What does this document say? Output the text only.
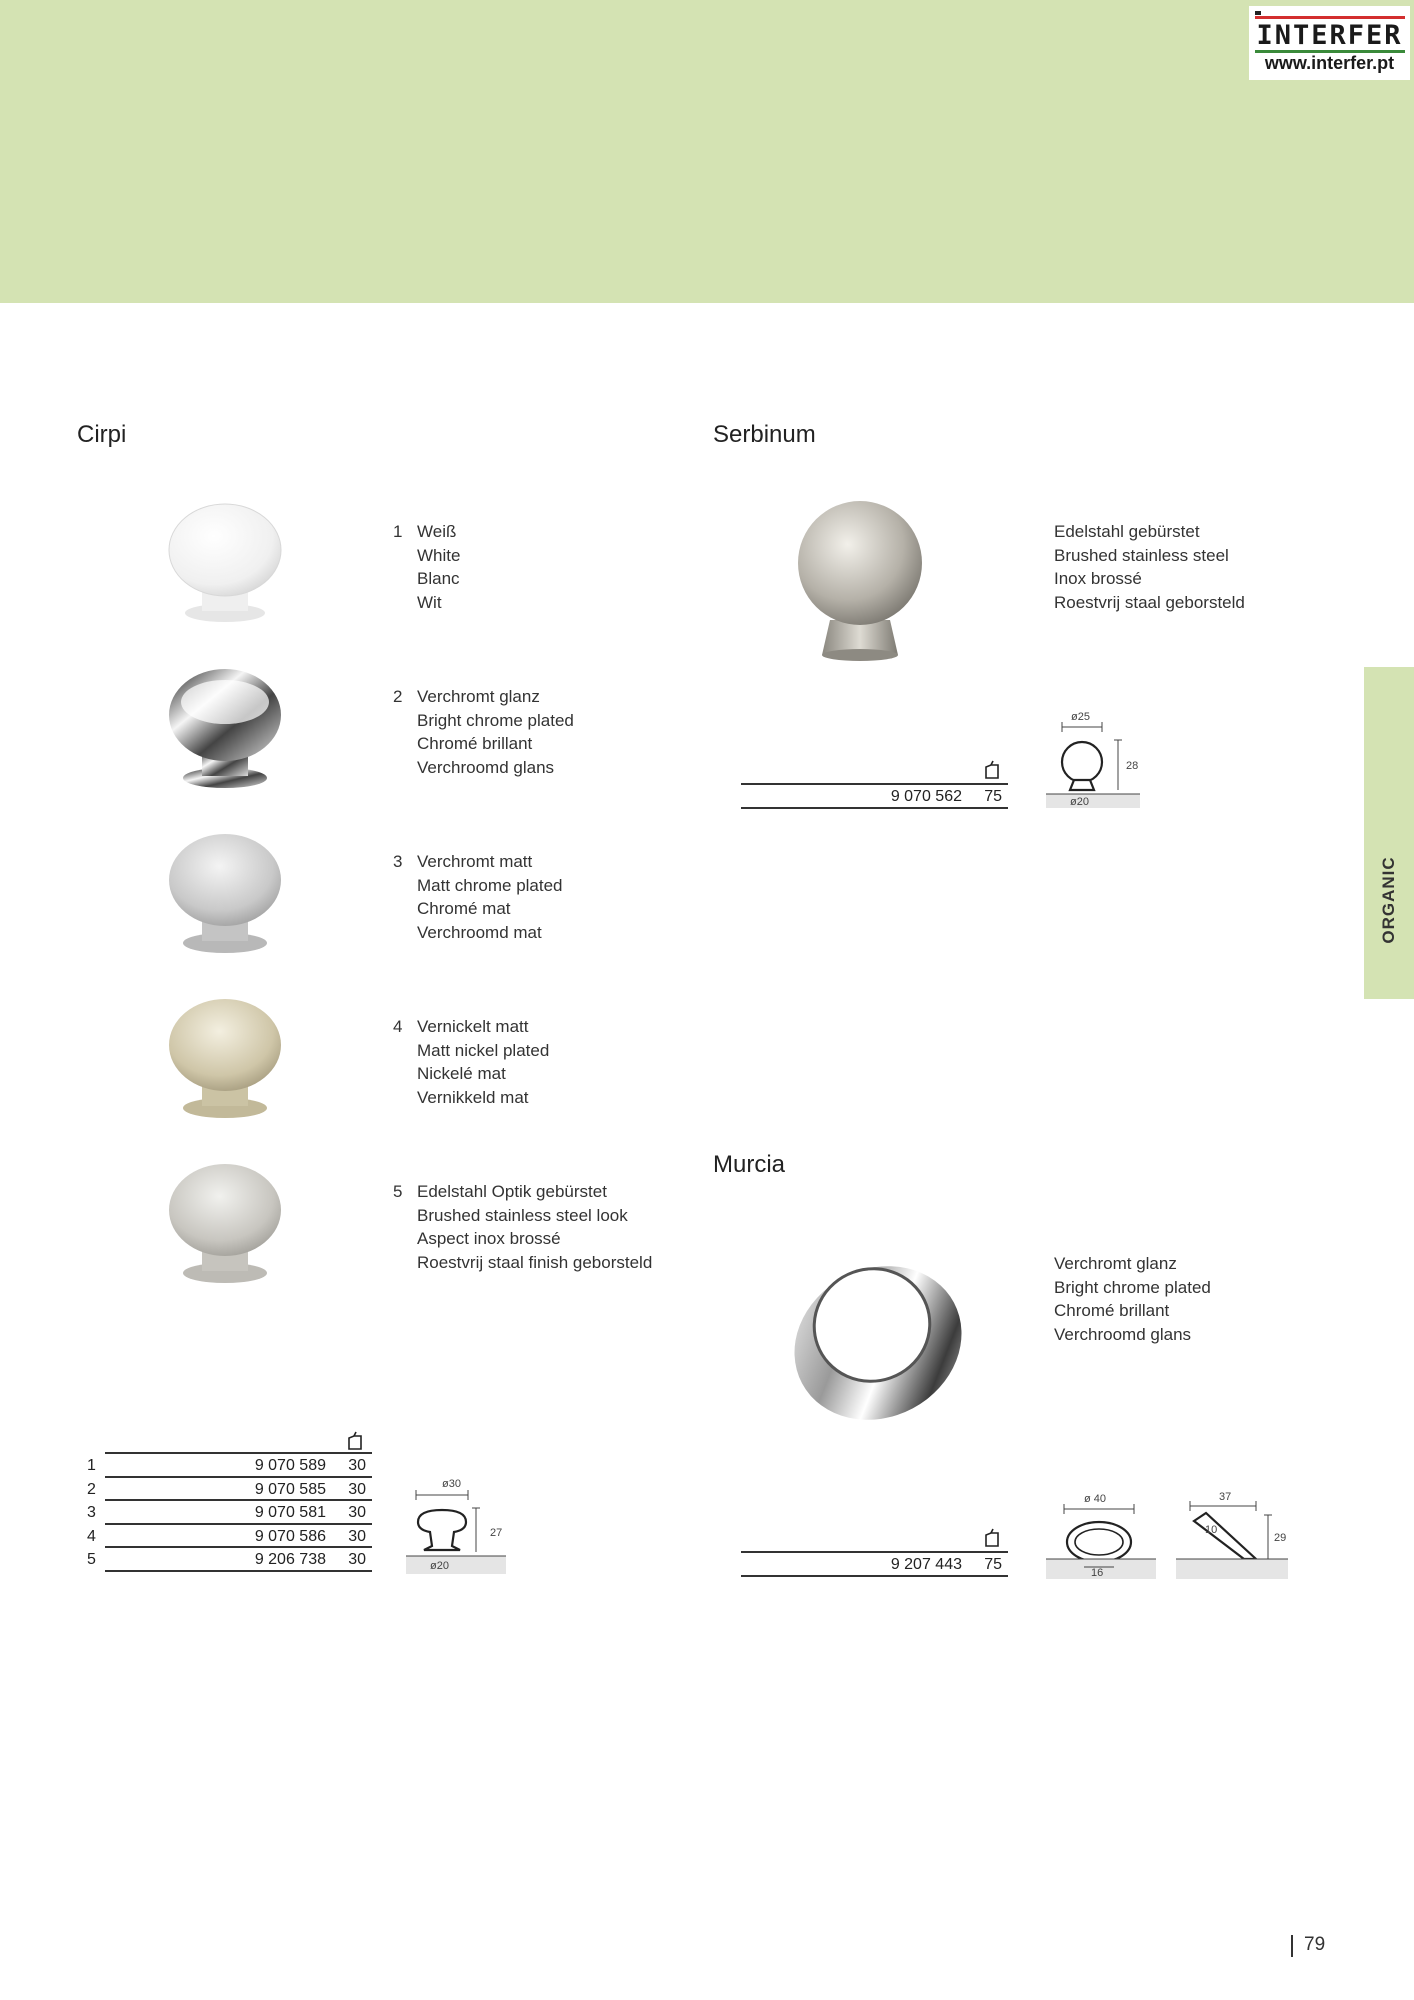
INTERFER
www.interfer.pt
ORGANIC
Cirpi
1 Weiß
White
Blanc
Wit
2 Verchromt glanz
Bright chrome plated
Chromé brillant
Verchroomd glans
3 Verchromt matt
Matt chrome plated
Chromé mat
Verchroomd mat
4 Vernickelt matt
Matt nickel plated
Nickelé mat
Vernikkeld mat
5 Edelstahl Optik gebürstet
Brushed stainless steel look
Aspect inox brossé
Roestvrij staal finish geborsteld
1	9 070 589 30
2	9 070 585 30
3	9 070 581 30
4	9 070 586 30
5	9 206 738 30
ø30
27
ø20
Serbinum
Edelstahl gebürstet
Brushed stainless steel
Inox brossé
Roestvrij staal geborsteld
9 070 562 75
ø25
28
ø20
Murcia
Verchromt glanz
Bright chrome plated
Chromé brillant
Verchroomd glans
9 207 443 75
ø 40
16
37
10
29
79
